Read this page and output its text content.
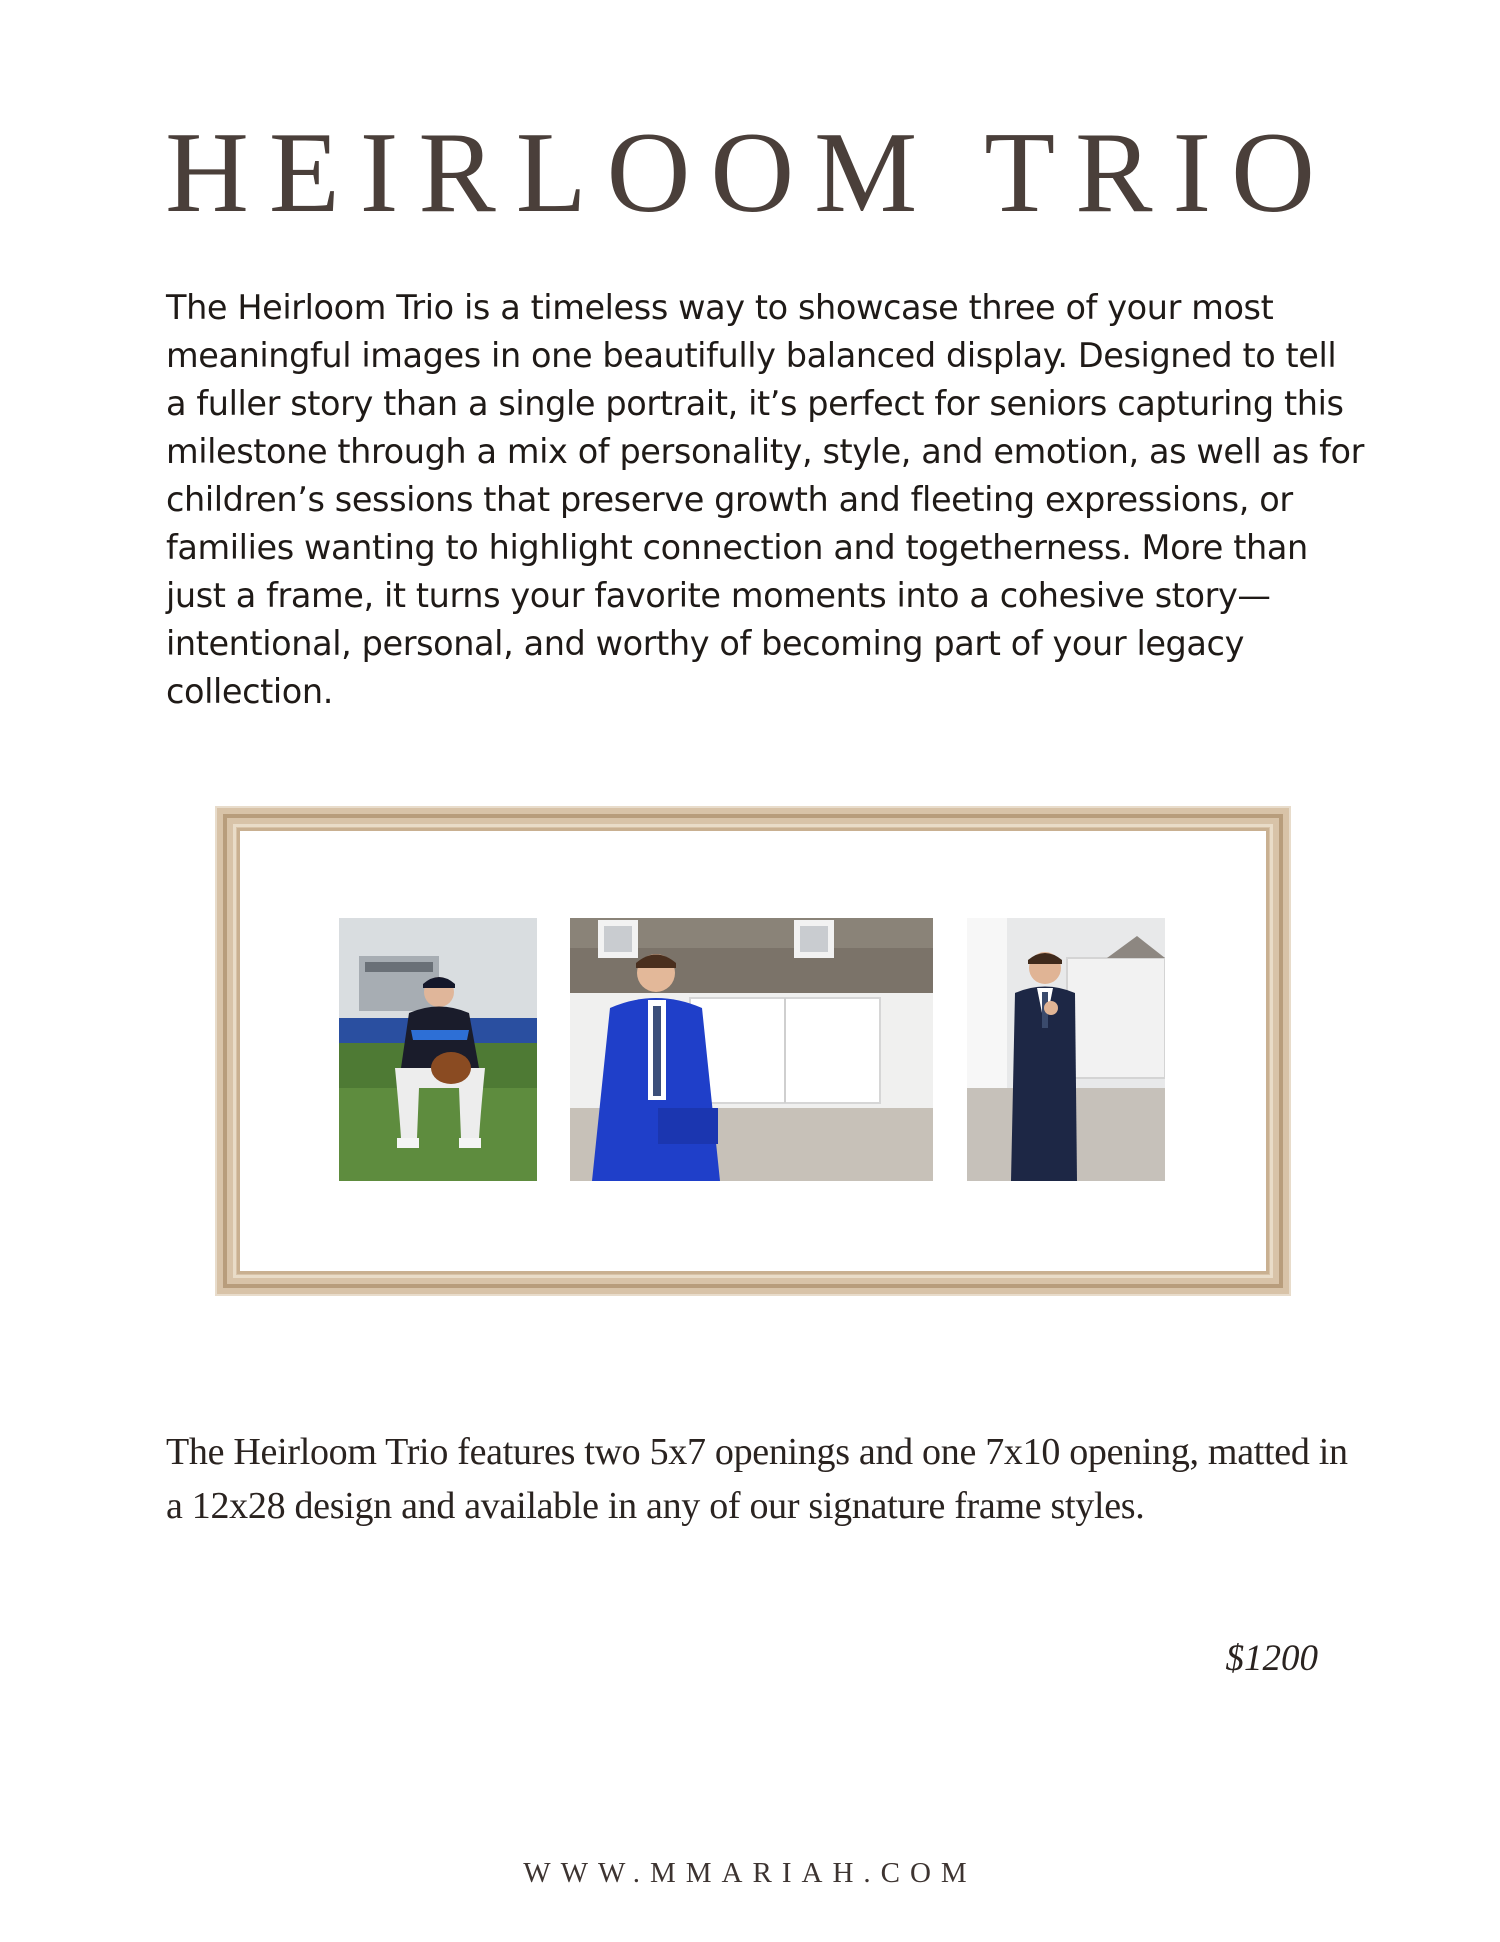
HEIRLOOM TRIO

The Heirloom Trio is a timeless way to showcase three of your most meaningful images in one beautifully balanced display. Designed to tell a fuller story than a single portrait, it’s perfect for seniors capturing this milestone through a mix of personality, style, and emotion, as well as for children’s sessions that preserve growth and fleeting expressions, or families wanting to highlight connection and togetherness. More than just a frame, it turns your favorite moments into a cohesive story—intentional, personal, and worthy of becoming part of your legacy collection.

The Heirloom Trio features two 5x7 openings and one 7x10 opening, matted in a 12x28 design and available in any of our signature frame styles.

$1200

WWW.MMARIAH.COM
